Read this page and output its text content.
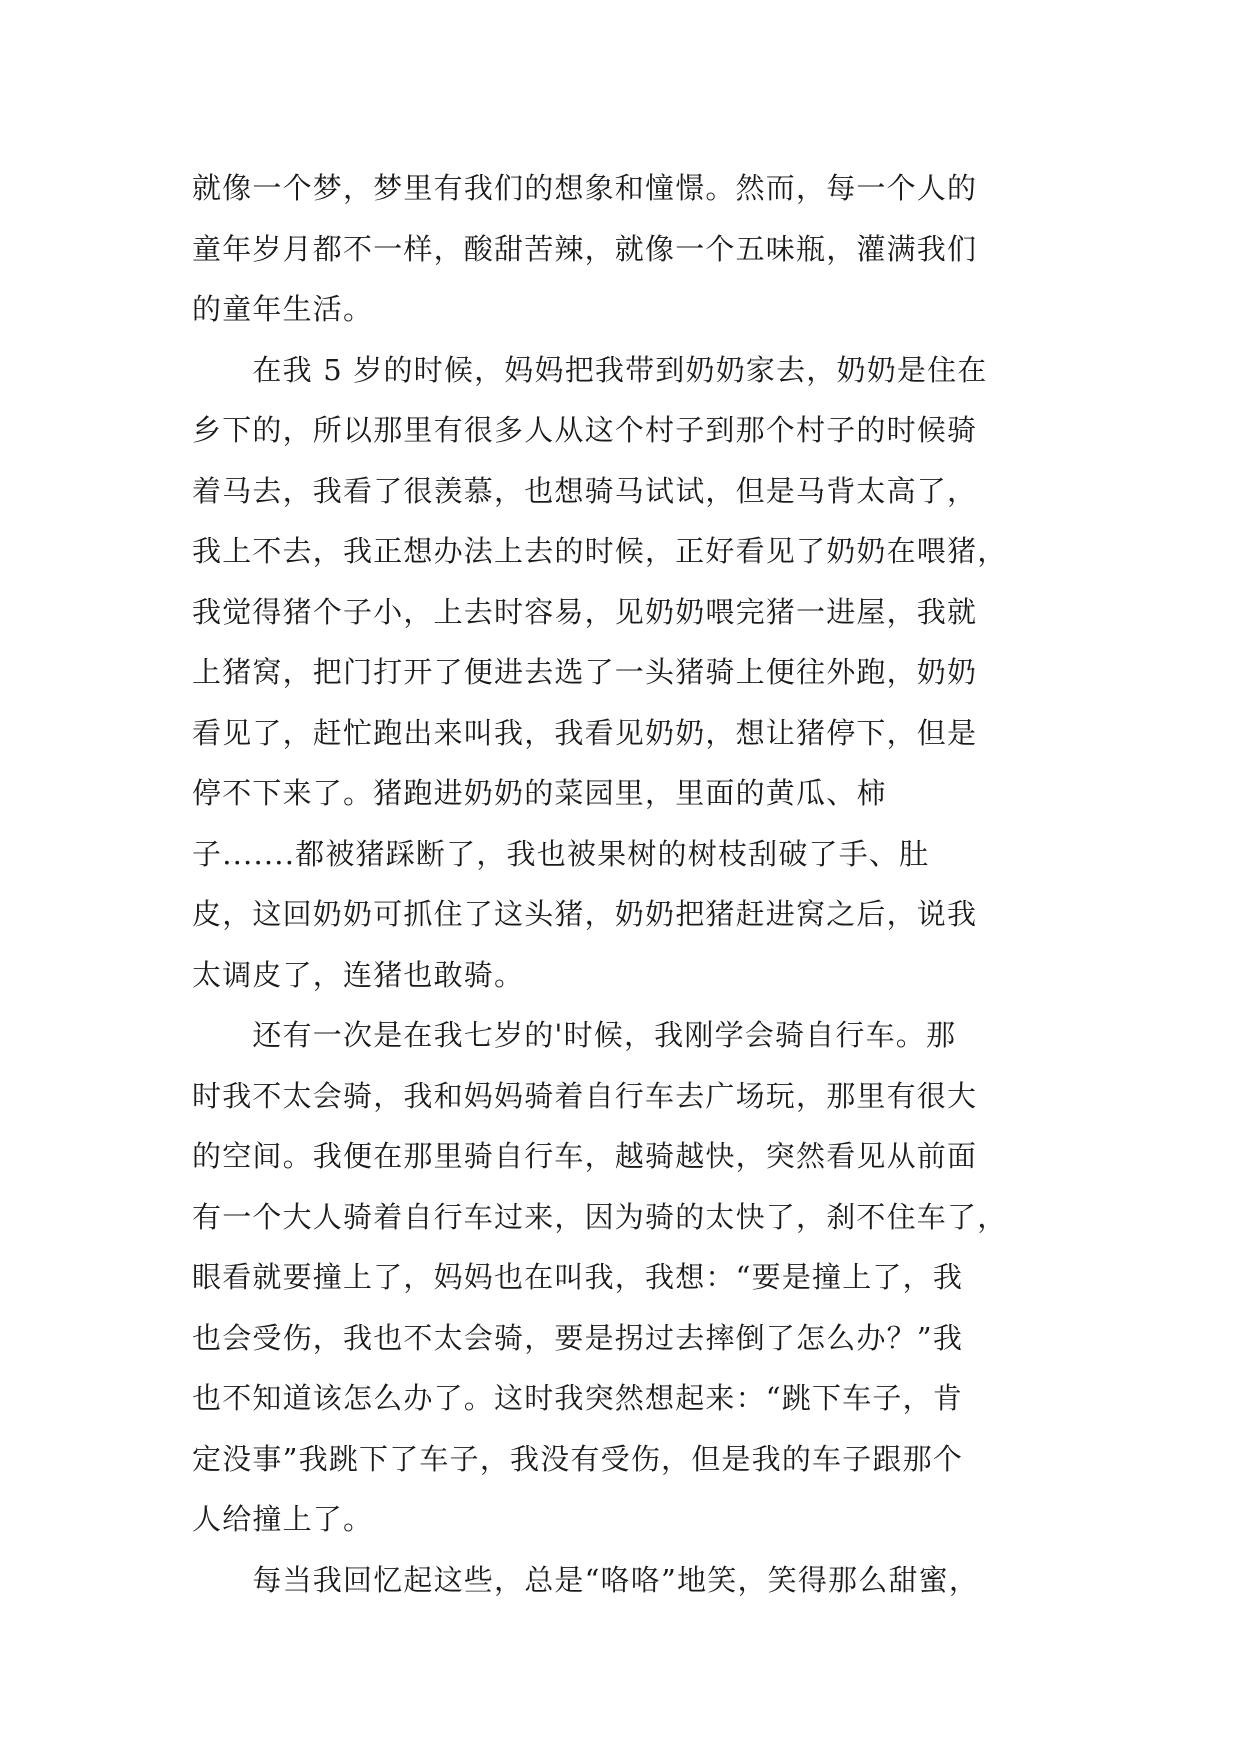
就像一个梦，梦里有我们的想象和憧憬。然而，每一个人的
童年岁月都不一样，酸甜苦辣，就像一个五味瓶，灌满我们
的童年生活。
　　在我 5 岁的时候，妈妈把我带到奶奶家去，奶奶是住在
乡下的，所以那里有很多人从这个村子到那个村子的时候骑
着马去，我看了很羡慕，也想骑马试试，但是马背太高了，
我上不去，我正想办法上去的时候，正好看见了奶奶在喂猪，
我觉得猪个子小，上去时容易，见奶奶喂完猪一进屋，我就
上猪窝，把门打开了便进去选了一头猪骑上便往外跑，奶奶
看见了，赶忙跑出来叫我，我看见奶奶，想让猪停下，但是
停不下来了。猪跑进奶奶的菜园里，里面的黄瓜、柿
子.......都被猪踩断了，我也被果树的树枝刮破了手、肚
皮，这回奶奶可抓住了这头猪，奶奶把猪赶进窝之后，说我
太调皮了，连猪也敢骑。
　　还有一次是在我七岁的'时候，我刚学会骑自行车。那
时我不太会骑，我和妈妈骑着自行车去广场玩，那里有很大
的空间。我便在那里骑自行车，越骑越快，突然看见从前面
有一个大人骑着自行车过来，因为骑的太快了，刹不住车了，
眼看就要撞上了，妈妈也在叫我，我想：“要是撞上了，我
也会受伤，我也不太会骑，要是拐过去摔倒了怎么办？”我
也不知道该怎么办了。这时我突然想起来：“跳下车子，肯
定没事”我跳下了车子，我没有受伤，但是我的车子跟那个
人给撞上了。
　　每当我回忆起这些，总是“咯咯”地笑，笑得那么甜蜜，
